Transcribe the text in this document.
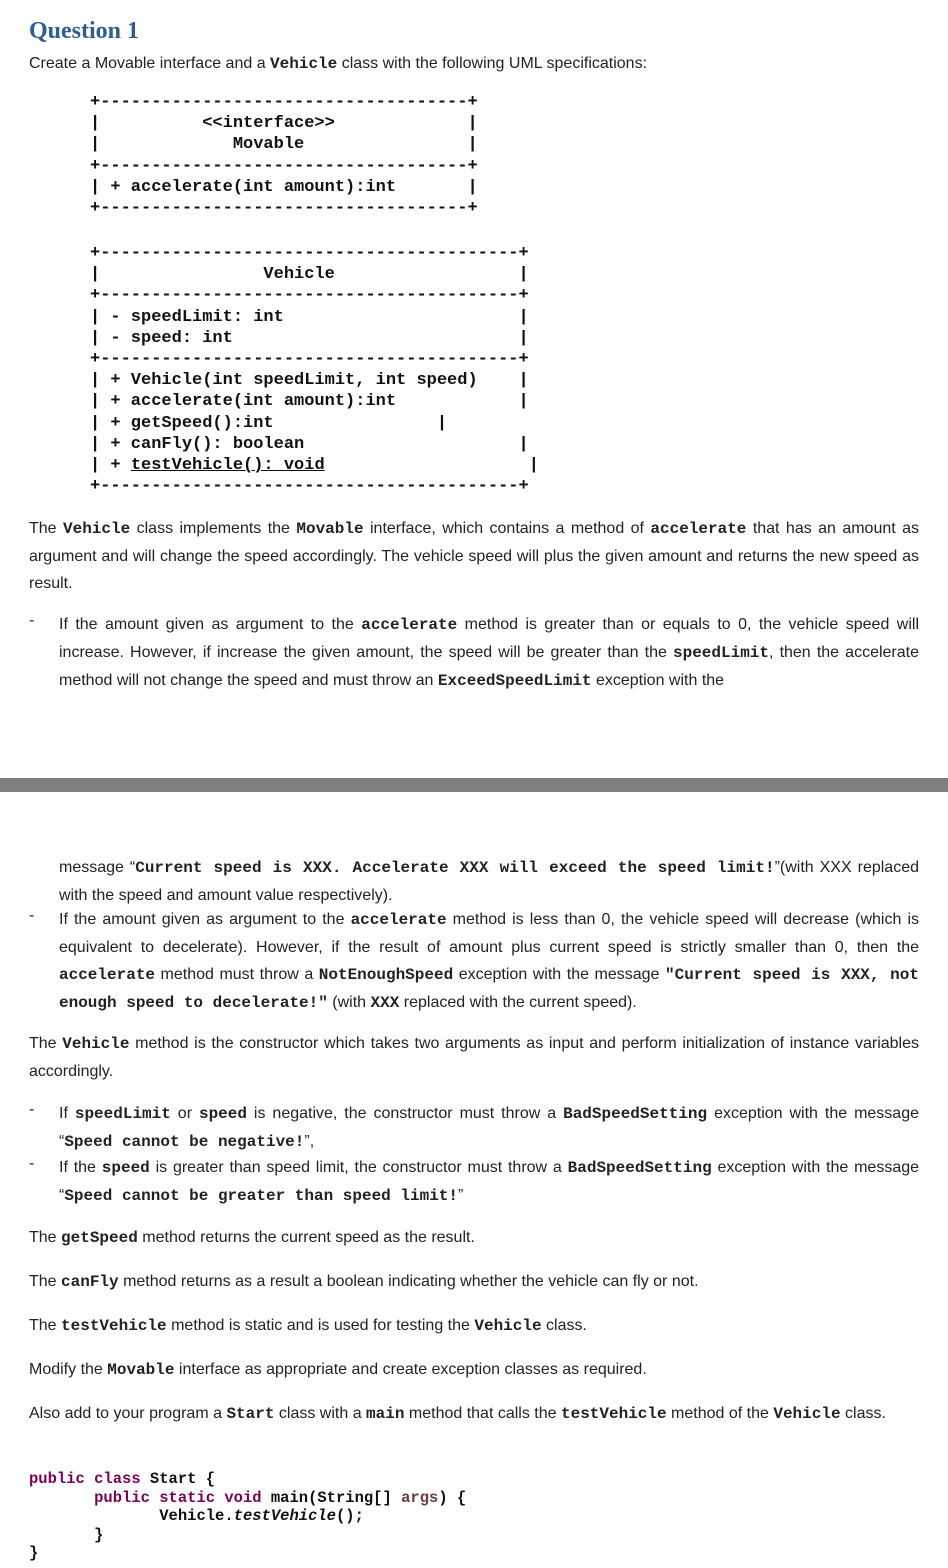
Question 1

Create a Movable interface and a Vehicle class with the following UML specifications:

+------------------------------------+
|          <<interface>>             |
|             Movable                |
+------------------------------------+
| + accelerate(int amount):int       |
+------------------------------------+
+-----------------------------------------+
|                Vehicle                  |
+-----------------------------------------+
| - speedLimit: int                       |
| - speed: int                            |
+-----------------------------------------+
| + Vehicle(int speedLimit, int speed)    |
| + accelerate(int amount):int            |
| + getSpeed():int                |
| + canFly(): boolean                     |
| + testVehicle(): void                    |
+-----------------------------------------+

The Vehicle class implements the Movable interface, which contains a method of accelerate that has an amount as argument and will change the speed accordingly. The vehicle speed will plus the given amount and returns the new speed as result.

- If the amount given as argument to the accelerate method is greater than or equals to 0, the vehicle speed will increase. However, if increase the given amount, the speed will be greater than the speedLimit, then the accelerate method will not change the speed and must throw an ExceedSpeedLimit exception with the

message “Current speed is XXX. Accelerate XXX will exceed the speed limit!”(with XXX replaced with the speed and amount value respectively).

- If the amount given as argument to the accelerate method is less than 0, the vehicle speed will decrease (which is equivalent to decelerate). However, if the result of amount plus current speed is strictly smaller than 0, then the accelerate method must throw a NotEnoughSpeed exception with the message "Current speed is XXX, not enough speed to decelerate!" (with XXX replaced with the current speed).

The Vehicle method is the constructor which takes two arguments as input and perform initialization of instance variables accordingly.

- If speedLimit or speed is negative, the constructor must throw a BadSpeedSetting exception with the message “Speed cannot be negative!”,

- If the speed is greater than speed limit, the constructor must throw a BadSpeedSetting exception with the message “Speed cannot be greater than speed limit!”

The getSpeed method returns the current speed as the result.

The canFly method returns as a result a boolean indicating whether the vehicle can fly or not.

The testVehicle method is static and is used for testing the Vehicle class.

Modify the Movable interface as appropriate and create exception classes as required.

Also add to your program a Start class with a main method that calls the testVehicle method of the Vehicle class.

public class Start {
public static void main(String[] args) {
Vehicle.testVehicle();
}
}
